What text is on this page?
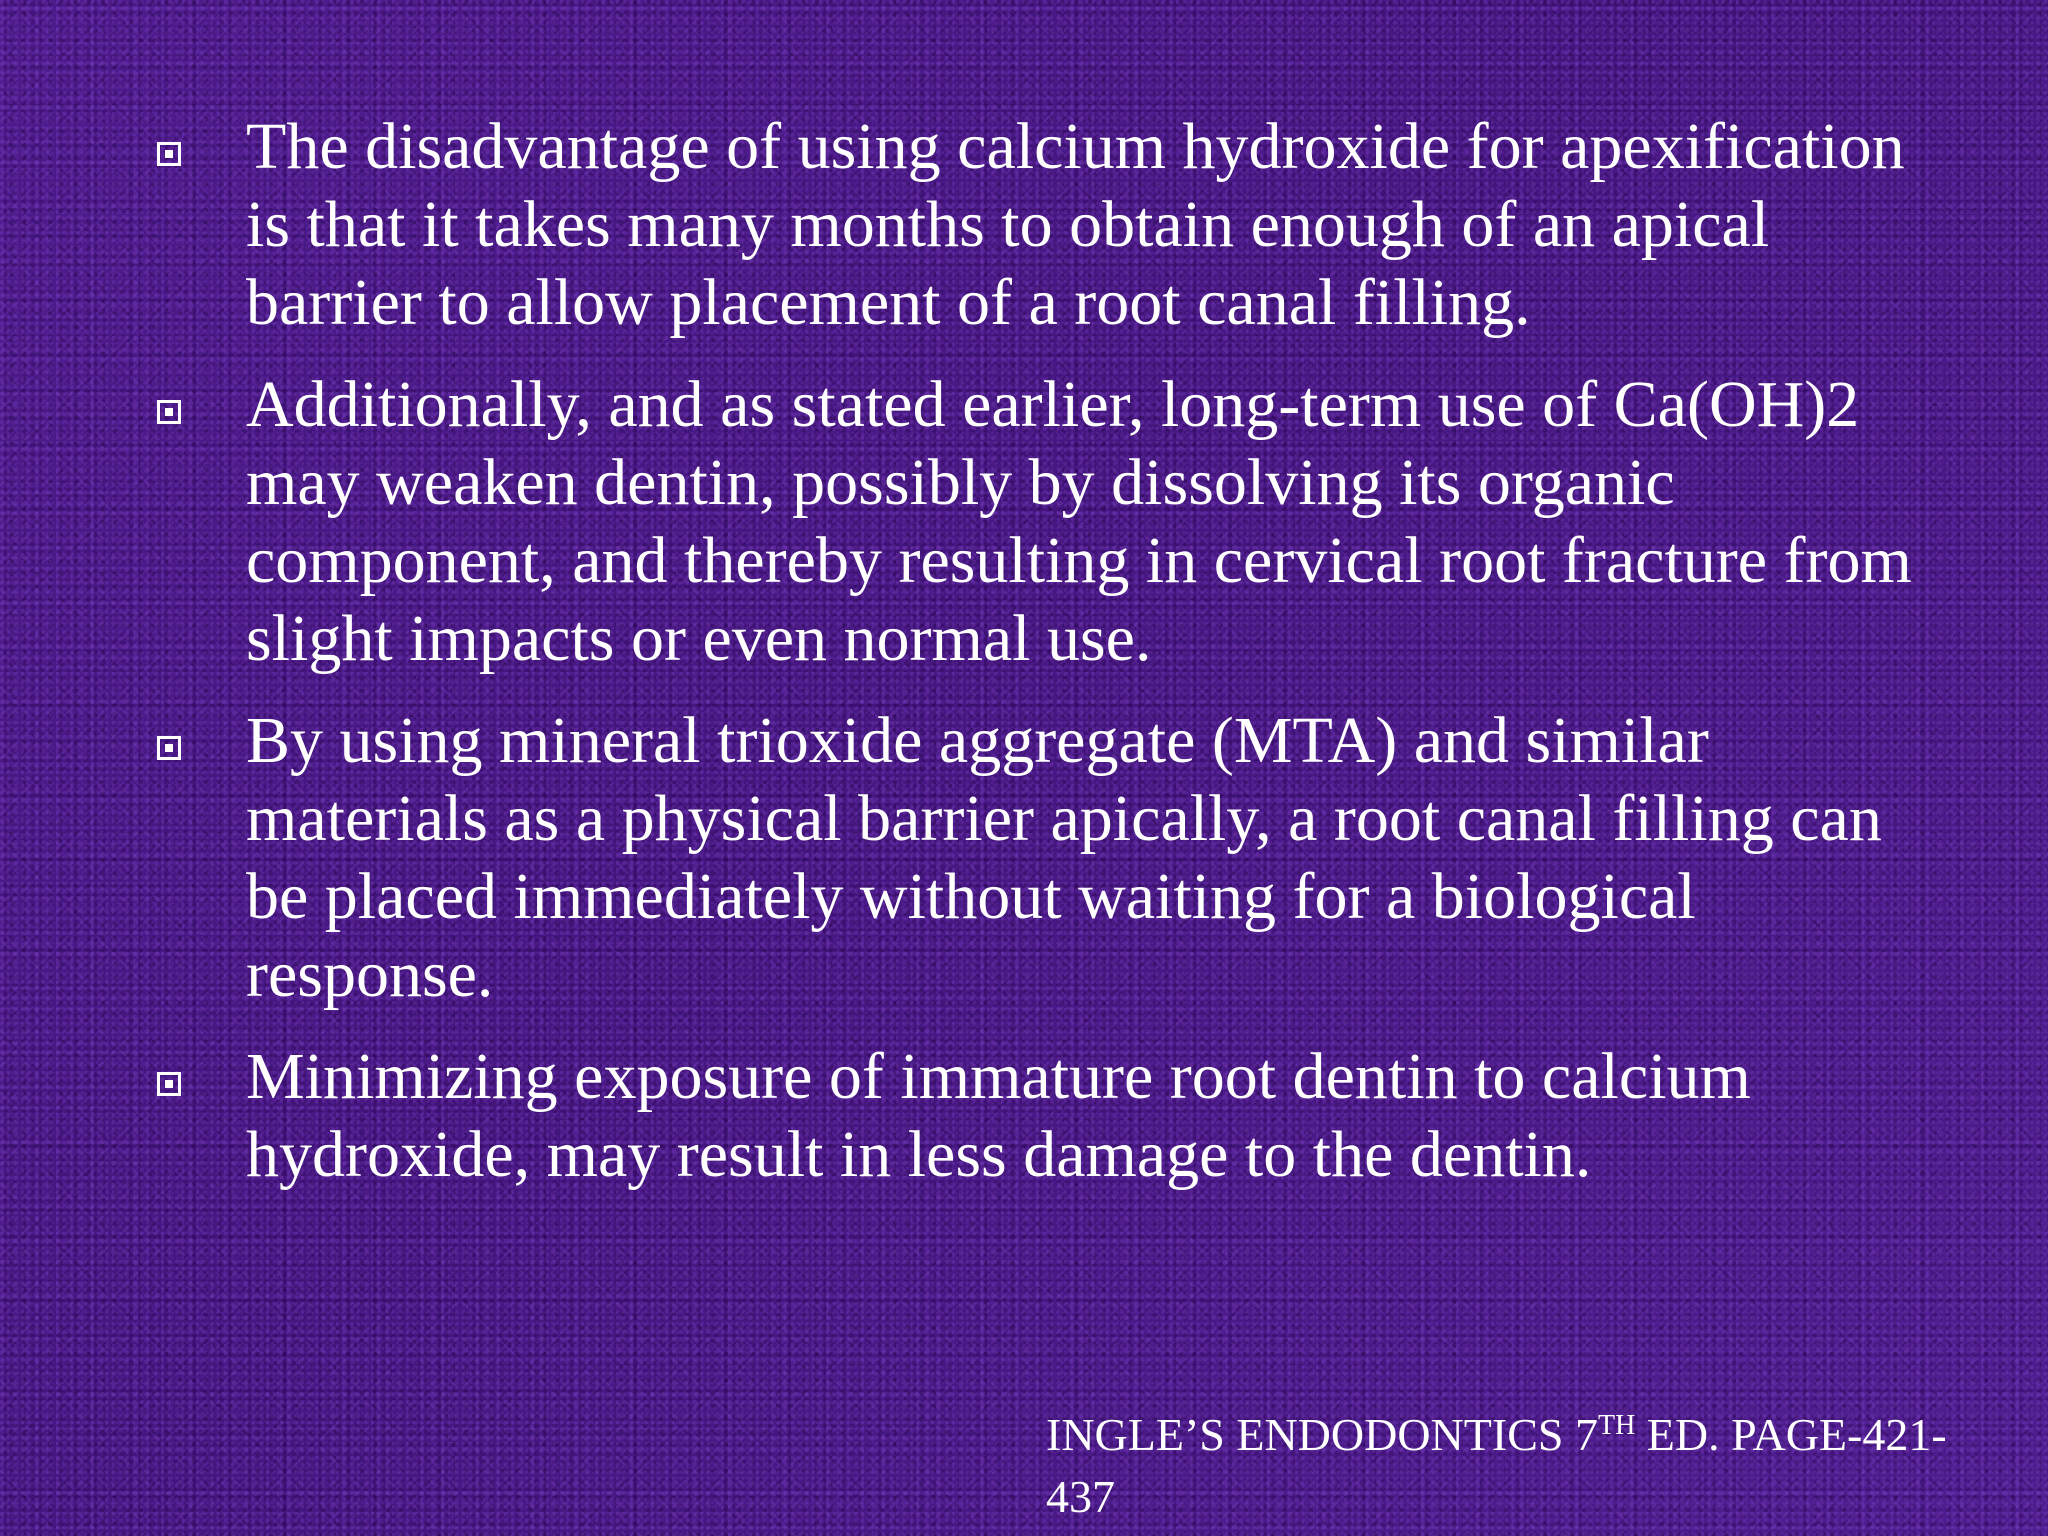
The disadvantage of using calcium hydroxide for apexification is that it takes many months to obtain enough of an apical barrier to allow placement of a root canal filling.
Additionally, and as stated earlier, long-term use of Ca(OH)2 may weaken dentin, possibly by dissolving its organic component, and thereby resulting in cervical root fracture from slight impacts or even normal use.
By using mineral trioxide aggregate (MTA) and similar materials as a physical barrier apically, a root canal filling can be placed immediately without waiting for a biological response.
Minimizing exposure of immature root dentin to calcium hydroxide, may result in less damage to the dentin.
INGLE’S ENDODONTICS 7TH ED. PAGE-421-437
